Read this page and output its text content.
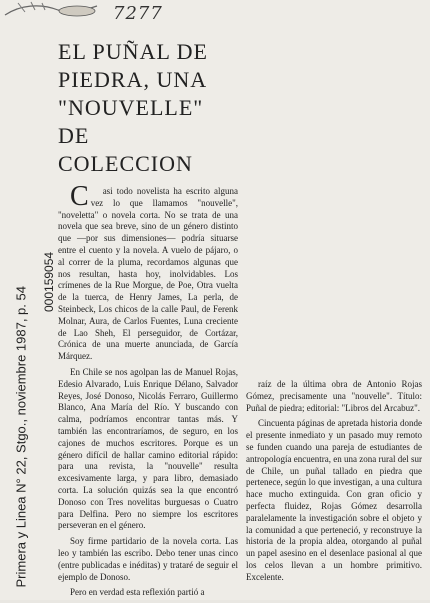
7277
Primera y Linea N° 22, Stgo., noviembre 1987, p. 54
000159054
EL PUÑAL DE
PIEDRA, UNA
"NOUVELLE"
DE
COLECCION

C asi todo novelista ha escrito alguna vez lo que llamamos "nouvelle", "noveletta" o novela corta. No se trata de una novela que sea breve, sino de un género distinto que —por sus dimensiones— podría situarse entre el cuento y la novela. A vuelo de pájaro, o al correr de la pluma, recordamos algunas que nos resultan, hasta hoy, inolvidables. Los crímenes de la Rue Morgue, de Poe, Otra vuelta de la tuerca, de Henry James, La perla, de Steinbeck, Los chicos de la calle Paul, de Ferenk Molnar, Aura, de Carlos Fuentes, Luna creciente de Lao Sheh, El perseguidor, de Cortázar, Crónica de una muerte anunciada, de García Márquez.

En Chile se nos agolpan las de Manuel Rojas, Edesio Alvarado, Luis Enrique Délano, Salvador Reyes, José Donoso, Nicolás Ferraro, Guillermo Blanco, Ana María del Río. Y buscando con calma, podríamos encontrar tantas más. Y también las encontraríamos, de seguro, en los cajones de muchos escritores. Porque es un género difícil de hallar camino editorial rápido: para una revista, la "nouvelle" resulta excesivamente larga, y para libro, demasiado corta. La solución quizás sea la que encontró Donoso con Tres novelitas burguesas o Cuatro para Delfina. Pero no siempre los escritores perseveran en el género.

Soy firme partidario de la novela corta. Las leo y también las escribo. Debo tener unas cinco (entre publicadas e inéditas) y trataré de seguir el ejemplo de Donoso.

Pero en verdad esta reflexión partió a

raíz de la última obra de Antonio Rojas Gómez, precisamente una "nouvelle". Título: Puñal de piedra; editorial: "Libros del Arcabuz".

Cincuenta páginas de apretada historia donde el presente inmediato y un pasado muy remoto se funden cuando una pareja de estudiantes de antropología encuentra, en una zona rural del sur de Chile, un puñal tallado en piedra que pertenece, según lo que investigan, a una cultura hace mucho extinguida. Con gran oficio y perfecta fluidez, Rojas Gómez desarrolla paralelamente la investigación sobre el objeto y la comunidad a que perteneció, y reconstruye la historia de la propia aldea, otorgando al puñal un papel asesino en el desenlace pasional al que los celos llevan a un hombre primitivo. Excelente.
